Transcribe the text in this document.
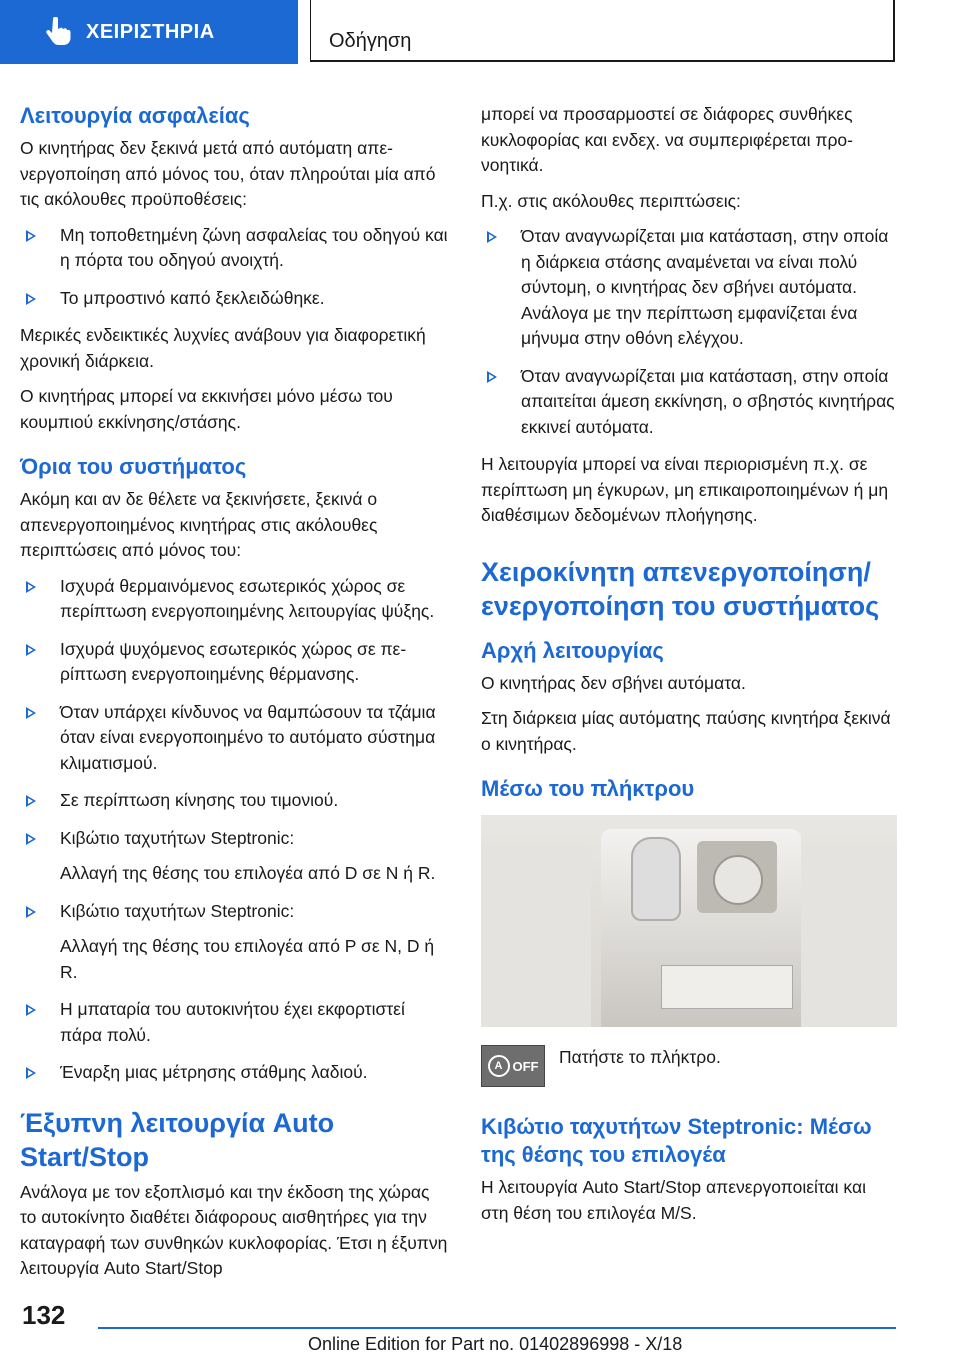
ΧΕΙΡΙΣΤΗΡΙΑ	Οδήγηση
Λειτουργία ασφαλείας

Ο κινητήρας δεν ξεκινά μετά από αυτόματη απενεργοποίηση από μόνος του, όταν πληρούται μία από τις ακόλουθες προϋποθέσεις:

Μη τοποθετημένη ζώνη ασφαλείας του οδηγού και η πόρτα του οδηγού ανοιχτή.
Το μπροστινό καπό ξεκλειδώθηκε.

Μερικές ενδεικτικές λυχνίες ανάβουν για διαφορετική χρονική διάρκεια.

Ο κινητήρας μπορεί να εκκινήσει μόνο μέσω του κουμπιού εκκίνησης/στάσης.

Όρια του συστήματος

Ακόμη και αν δε θέλετε να ξεκινήσετε, ξεκινά ο απενεργοποιημένος κινητήρας στις ακόλουθες περιπτώσεις από μόνος του:

Ισχυρά θερμαινόμενος εσωτερικός χώρος σε περίπτωση ενεργοποιημένης λειτουργίας ψύξης.
Ισχυρά ψυχόμενος εσωτερικός χώρος σε περίπτωση ενεργοποιημένης θέρμανσης.
Όταν υπάρχει κίνδυνος να θαμπώσουν τα τζάμια όταν είναι ενεργοποιημένο το αυτόματο σύστημα κλιματισμού.
Σε περίπτωση κίνησης του τιμονιού.
Κιβώτιο ταχυτήτων Steptronic:
Αλλαγή της θέσης του επιλογέα από D σε N ή R.
Κιβώτιο ταχυτήτων Steptronic:
Αλλαγή της θέσης του επιλογέα από P σε N, D ή R.
Η μπαταρία του αυτοκινήτου έχει εκφορτιστεί πάρα πολύ.
Έναρξη μιας μέτρησης στάθμης λαδιού.
Έξυπνη λειτουργία Auto Start/Stop

Ανάλογα με τον εξοπλισμό και την έκδοση της χώρας το αυτοκίνητο διαθέτει διάφορους αισθητήρες για την καταγραφή των συνθηκών κυκλοφορίας. Έτσι η έξυπνη λειτουργία Auto Start/Stop

μπορεί να προσαρμοστεί σε διάφορες συνθήκες κυκλοφορίας και ενδεχ. να συμπεριφέρεται προνοητικά.

Π.χ. στις ακόλουθες περιπτώσεις:

Όταν αναγνωρίζεται μια κατάσταση, στην οποία η διάρκεια στάσης αναμένεται να είναι πολύ σύντομη, ο κινητήρας δεν σβήνει αυτόματα. Ανάλογα με την περίπτωση εμφανίζεται ένα μήνυμα στην οθόνη ελέγχου.
Όταν αναγνωρίζεται μια κατάσταση, στην οποία απαιτείται άμεση εκκίνηση, ο σβηστός κινητήρας εκκινεί αυτόματα.

Η λειτουργία μπορεί να είναι περιορισμένη π.χ. σε περίπτωση μη έγκυρων, μη επικαιροποιημένων ή μη διαθέσιμων δεδομένων πλοήγησης.

Χειροκίνητη απενεργοποίηση/ ενεργοποίηση του συστήματος
Αρχή λειτουργίας

Ο κινητήρας δεν σβήνει αυτόματα.

Στη διάρκεια μίας αυτόματης παύσης κινητήρα ξεκινά ο κινητήρας.

Μέσω του πλήκτρου
A OFF Πατήστε το πλήκτρο.

Κιβώτιο ταχυτήτων Steptronic: Μέσω της θέσης του επιλογέα

Η λειτουργία Auto Start/Stop απενεργοποιείται και στη θέση του επιλογέα M/S.

132
Online Edition for Part no. 01402896998 - X/18
